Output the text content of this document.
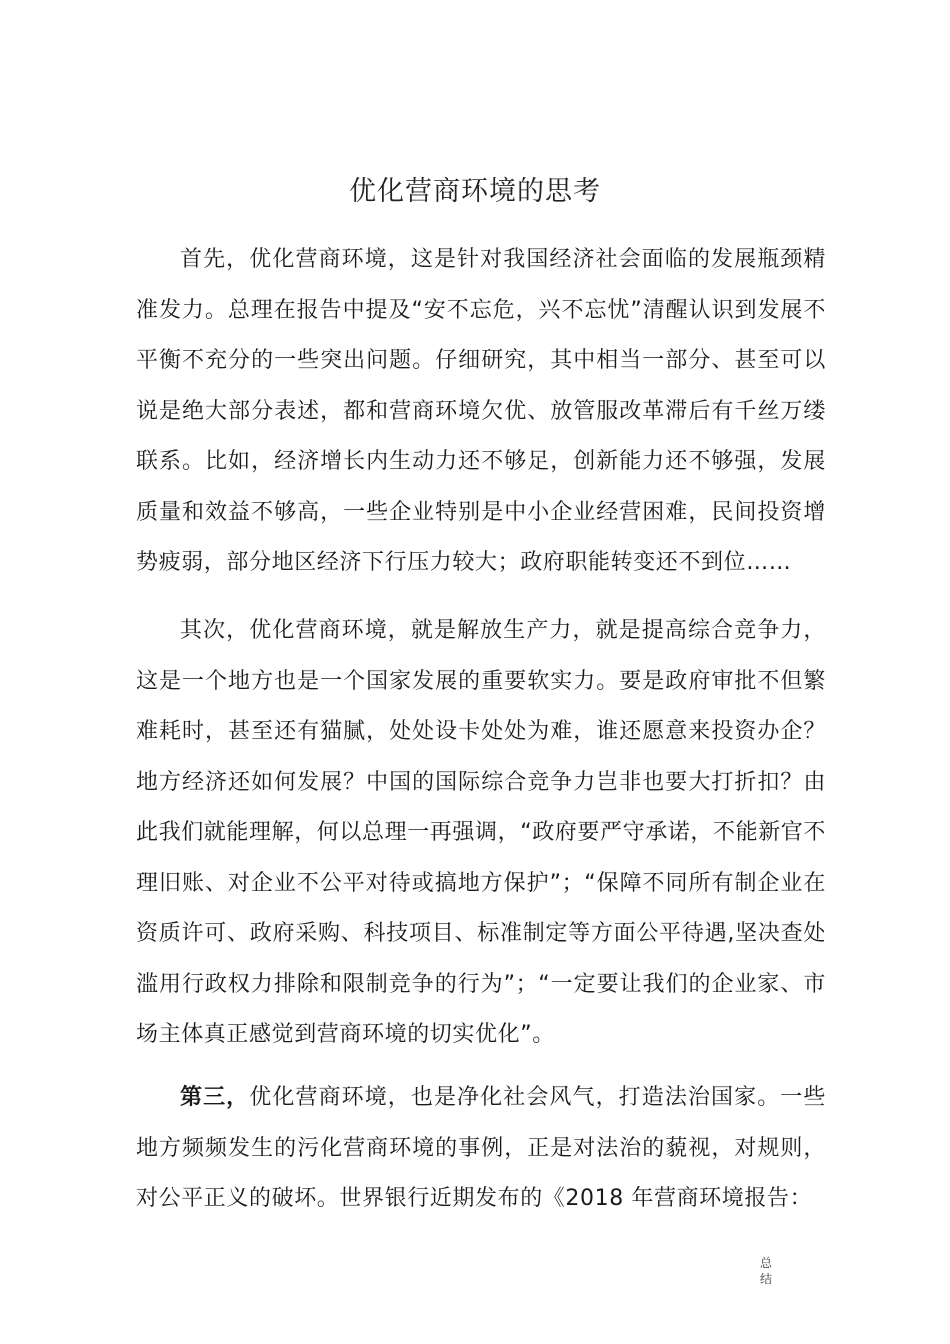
优化营商环境的思考

首先，优化营商环境，这是针对我国经济社会面临的发展瓶颈精准发力。总理在报告中提及“安不忘危，兴不忘忧”清醒认识到发展不平衡不充分的一些突出问题。仔细研究，其中相当一部分、甚至可以说是绝大部分表述，都和营商环境欠优、放管服改革滞后有千丝万缕联系。比如，经济增长内生动力还不够足，创新能力还不够强，发展质量和效益不够高，一些企业特别是中小企业经营困难，民间投资增势疲弱，部分地区经济下行压力较大；政府职能转变还不到位……

其次，优化营商环境，就是解放生产力，就是提高综合竞争力，这是一个地方也是一个国家发展的重要软实力。要是政府审批不但繁难耗时，甚至还有猫腻，处处设卡处处为难，谁还愿意来投资办企？地方经济还如何发展？中国的国际综合竞争力岂非也要大打折扣？由此我们就能理解，何以总理一再强调，“政府要严守承诺，不能新官不理旧账、对企业不公平对待或搞地方保护”；“保障不同所有制企业在资质许可、政府采购、科技项目、标准制定等方面公平待遇,坚决查处滥用行政权力排除和限制竞争的行为”；“一定要让我们的企业家、市场主体真正感觉到营商环境的切实优化”。

第三，优化营商环境，也是净化社会风气，打造法治国家。一些地方频频发生的污化营商环境的事例，正是对法治的藐视，对规则，对公平正义的破坏。世界银行近期发布的《2018 年营商环境报告：

总
结
